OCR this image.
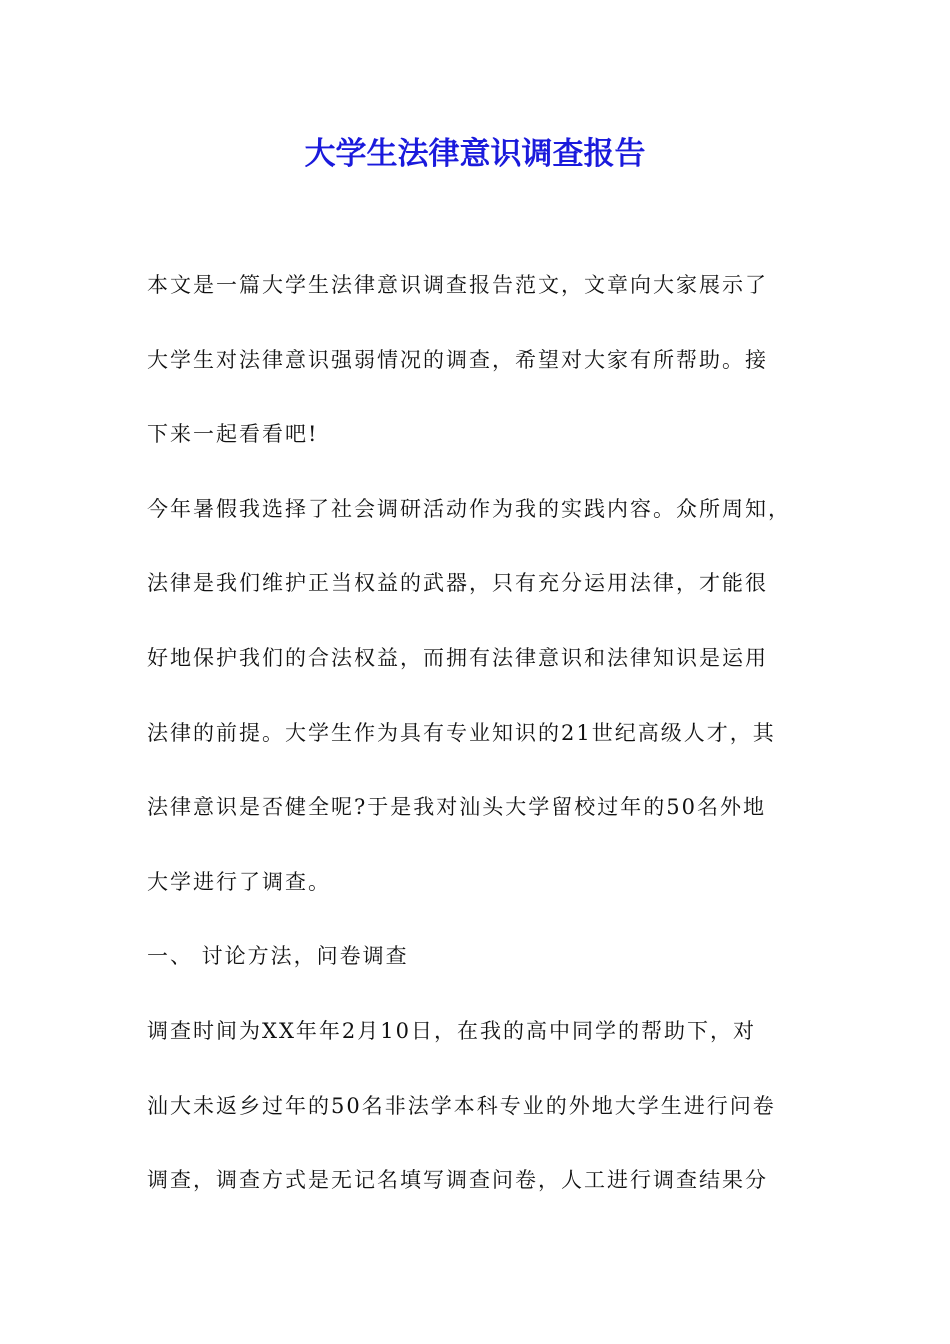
大学生法律意识调查报告
本文是一篇大学生法律意识调查报告范文，文章向大家展示了
大学生对法律意识强弱情况的调查，希望对大家有所帮助。接
下来一起看看吧!
今年暑假我选择了社会调研活动作为我的实践内容。众所周知，
法律是我们维护正当权益的武器，只有充分运用法律，才能很
好地保护我们的合法权益，而拥有法律意识和法律知识是运用
法律的前提。大学生作为具有专业知识的21世纪高级人才，其
法律意识是否健全呢?于是我对汕头大学留校过年的50名外地
大学进行了调查。
一、 讨论方法，问卷调查
调查时间为XX年年2月10日，在我的高中同学的帮助下，对
汕大未返乡过年的50名非法学本科专业的外地大学生进行问卷
调查，调查方式是无记名填写调查问卷，人工进行调查结果分
